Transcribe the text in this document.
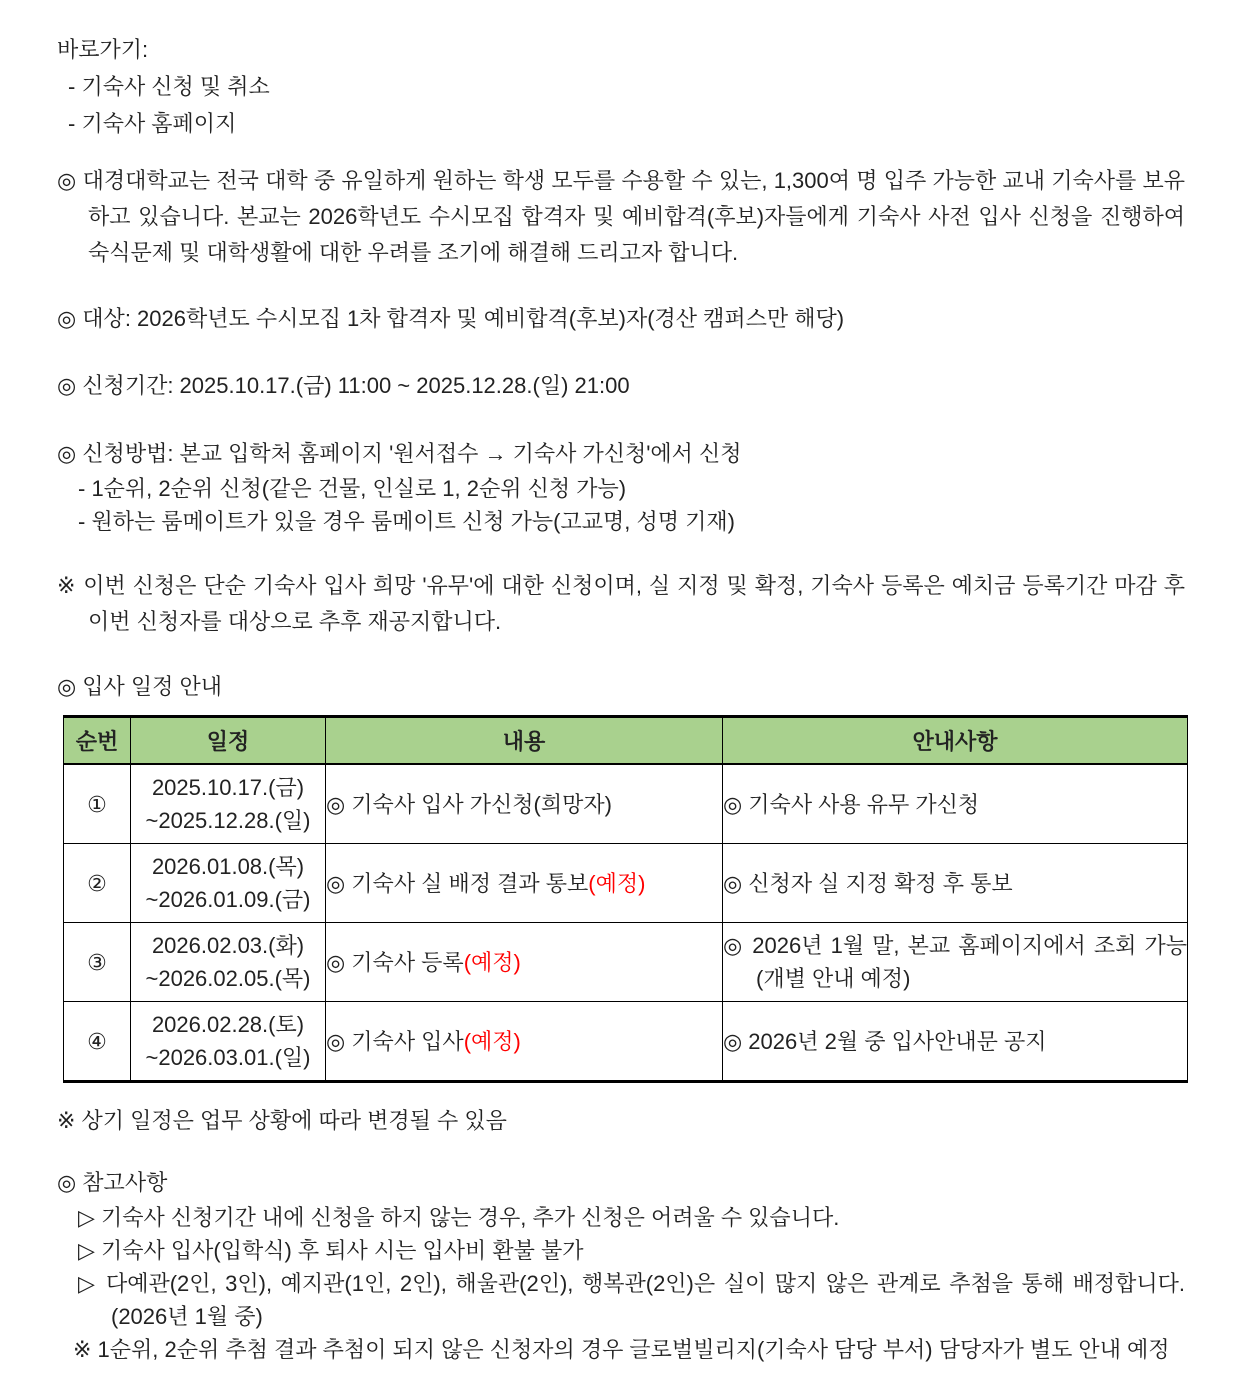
바로가기:
- 기숙사 신청 및 취소
- 기숙사 홈페이지

◎ 대경대학교는 전국 대학 중 유일하게 원하는 학생 모두를 수용할 수 있는, 1,300여 명 입주 가능한 교내 기숙사를 보유하고 있습니다. 본교는 2026학년도 수시모집 합격자 및 예비합격(후보)자들에게 기숙사 사전 입사 신청을 진행하여 숙식문제 및 대학생활에 대한 우려를 조기에 해결해 드리고자 합니다.

◎ 대상: 2026학년도 수시모집 1차 합격자 및 예비합격(후보)자(경산 캠퍼스만 해당)

◎ 신청기간: 2025.10.17.(금) 11:00 ~ 2025.12.28.(일) 21:00

◎ 신청방법: 본교 입학처 홈페이지 '원서접수 → 기숙사 가신청'에서 신청

- 1순위, 2순위 신청(같은 건물, 인실로 1, 2순위 신청 가능)
- 원하는 룸메이트가 있을 경우 룸메이트 신청 가능(고교명, 성명 기재)

※ 이번 신청은 단순 기숙사 입사 희망 '유무'에 대한 신청이며, 실 지정 및 확정, 기숙사 등록은 예치금 등록기간 마감 후 이번 신청자를 대상으로 추후 재공지합니다.

◎ 입사 일정 안내

순번	일정	내용	안내사항
①	2025.10.17.(금)
~2025.12.28.(일)	◎ 기숙사 입사 가신청(희망자)	◎ 기숙사 사용 유무 가신청

②	2026.01.08.(목)
~2026.01.09.(금)	◎ 기숙사 실 배정 결과 통보(예정)	◎ 신청자 실 지정 확정 후 통보

③	2026.02.03.(화)
~2026.02.05.(목)	◎ 기숙사 등록(예정)	◎ 2026년 1월 말, 본교 홈페이지에서 조회 가능(개별 안내 예정)

④	2026.02.28.(토)
~2026.03.01.(일)	◎ 기숙사 입사(예정)	◎ 2026년 2월 중 입사안내문 공지

※ 상기 일정은 업무 상황에 따라 변경될 수 있음

◎ 참고사항

▷ 기숙사 신청기간 내에 신청을 하지 않는 경우, 추가 신청은 어려울 수 있습니다.
▷ 기숙사 입사(입학식) 후 퇴사 시는 입사비 환불 불가
▷ 다예관(2인, 3인), 예지관(1인, 2인), 해울관(2인), 행복관(2인)은 실이 많지 않은 관계로 추첨을 통해 배정합니다.(2026년 1월 중)
※ 1순위, 2순위 추첨 결과 추첨이 되지 않은 신청자의 경우 글로벌빌리지(기숙사 담당 부서) 담당자가 별도 안내 예정
